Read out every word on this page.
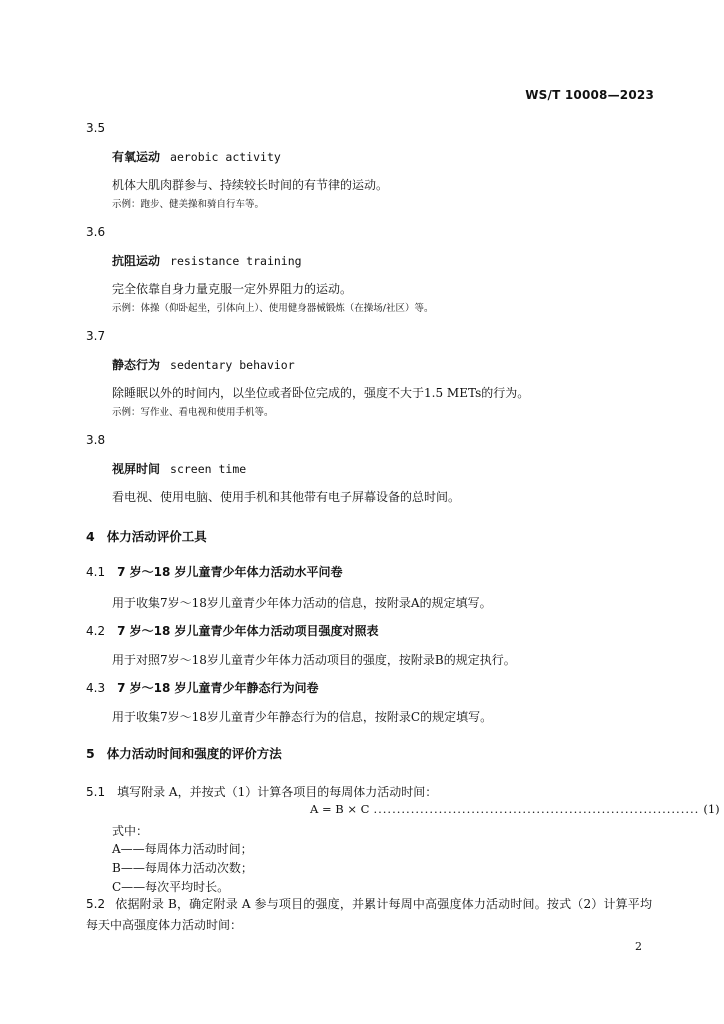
WS/T 10008—2023
3.5
有氧运动 aerobic activity
机体大肌肉群参与、持续较长时间的有节律的运动。
示例：跑步、健美操和骑自行车等。
3.6
抗阻运动 resistance training
完全依靠自身力量克服一定外界阻力的运动。
示例：体操（仰卧起坐，引体向上）、使用健身器械锻炼（在操场/社区）等。
3.7
静态行为 sedentary behavior
除睡眠以外的时间内，以坐位或者卧位完成的，强度不大于1.5 METs的行为。
示例：写作业、看电视和使用手机等。
3.8
视屏时间 screen time
看电视、使用电脑、使用手机和其他带有电子屏幕设备的总时间。
4 体力活动评价工具
4.1 7 岁～18 岁儿童青少年体力活动水平问卷
用于收集7岁～18岁儿童青少年体力活动的信息，按附录A的规定填写。
4.2 7 岁～18 岁儿童青少年体力活动项目强度对照表
用于对照7岁～18岁儿童青少年体力活动项目的强度，按附录B的规定执行。
4.3 7 岁～18 岁儿童青少年静态行为问卷
用于收集7岁～18岁儿童青少年静态行为的信息，按附录C的规定填写。
5 体力活动时间和强度的评价方法
5.1 填写附录 A，并按式（1）计算各项目的每周体力活动时间：
A = B × C ...................................................................... (1)
式中：
A——每周体力活动时间；
B——每周体力活动次数；
C——每次平均时长。
5.2 依据附录 B，确定附录 A 参与项目的强度，并累计每周中高强度体力活动时间。按式（2）计算平均每天中高强度体力活动时间：
2
